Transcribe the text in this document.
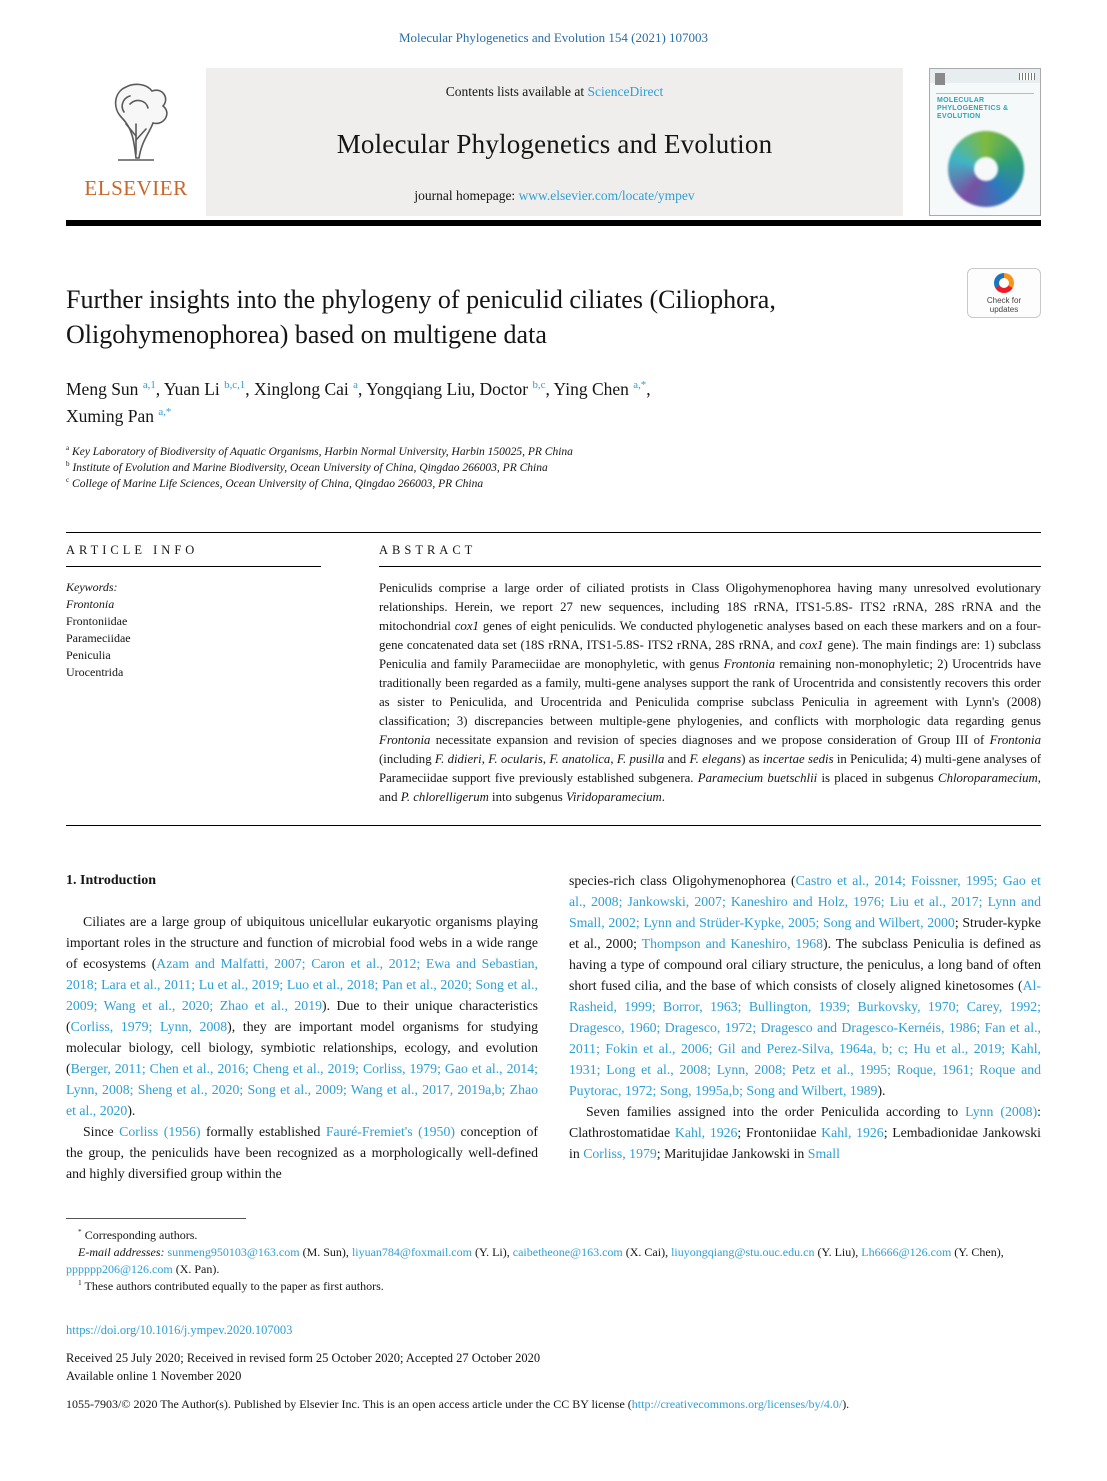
Molecular Phylogenetics and Evolution 154 (2021) 107003
ELSEVIER
Contents lists available at ScienceDirect
Molecular Phylogenetics and Evolution
journal homepage: www.elsevier.com/locate/ympev
MOLECULAR PHYLOGENETICS & EVOLUTION
Further insights into the phylogeny of peniculid ciliates (Ciliophora, Oligohymenophorea) based on multigene data
Check for updates
Meng Sun $^{a,1}$, Yuan Li $^{b,c,1}$, Xinglong Cai $^a$, Yongqiang Liu, Doctor $^{b,c}$, Ying Chen $^{a,*}$,
Xuming Pan $^{a,*}$
$^a$ Key Laboratory of Biodiversity of Aquatic Organisms, Harbin Normal University, Harbin 150025, PR China
$^b$ Institute of Evolution and Marine Biodiversity, Ocean University of China, Qingdao 266003, PR China
$^c$ College of Marine Life Sciences, Ocean University of China, Qingdao 266003, PR China
ARTICLE INFO
Keywords:
Frontonia
Frontoniidae
Parameciidae
Peniculia
Urocentrida
ABSTRACT
Peniculids comprise a large order of ciliated protists in Class Oligohymenophorea having many unresolved evolutionary relationships. Herein, we report 27 new sequences, including 18S rRNA, ITS1-5.8S- ITS2 rRNA, 28S rRNA and the mitochondrial cox1 genes of eight peniculids. We conducted phylogenetic analyses based on each these markers and on a four-gene concatenated data set (18S rRNA, ITS1-5.8S- ITS2 rRNA, 28S rRNA, and cox1 gene). The main findings are: 1) subclass Peniculia and family Parameciidae are monophyletic, with genus Frontonia remaining non-monophyletic; 2) Urocentrids have traditionally been regarded as a family, multi-gene analyses support the rank of Urocentrida and consistently recovers this order as sister to Peniculida, and Urocentrida and Peniculida comprise subclass Peniculia in agreement with Lynn's (2008) classification; 3) discrepancies between multiple-gene phylogenies, and conflicts with morphologic data regarding genus Frontonia necessitate expansion and revision of species diagnoses and we propose consideration of Group III of Frontonia (including F. didieri, F. ocularis, F. anatolica, F. pusilla and F. elegans) as incertae sedis in Peniculida; 4) multi-gene analyses of Parameciidae support five previously established subgenera. Paramecium buetschlii is placed in subgenus Chloroparamecium, and P. chlorelligerum into subgenus Viridoparamecium.
1. Introduction

Ciliates are a large group of ubiquitous unicellular eukaryotic organisms playing important roles in the structure and function of microbial food webs in a wide range of ecosystems (Azam and Malfatti, 2007; Caron et al., 2012; Ewa and Sebastian, 2018; Lara et al., 2011; Lu et al., 2019; Luo et al., 2018; Pan et al., 2020; Song et al., 2009; Wang et al., 2020; Zhao et al., 2019). Due to their unique characteristics (Corliss, 1979; Lynn, 2008), they are important model organisms for studying molecular biology, cell biology, symbiotic relationships, ecology, and evolution (Berger, 2011; Chen et al., 2016; Cheng et al., 2019; Corliss, 1979; Gao et al., 2014; Lynn, 2008; Sheng et al., 2020; Song et al., 2009; Wang et al., 2017, 2019a,b; Zhao et al., 2020).

Since Corliss (1956) formally established Fauré-Fremiet's (1950) conception of the group, the peniculids have been recognized as a morphologically well-defined and highly diversified group within the

species-rich class Oligohymenophorea (Castro et al., 2014; Foissner, 1995; Gao et al., 2008; Jankowski, 2007; Kaneshiro and Holz, 1976; Liu et al., 2017; Lynn and Small, 2002; Lynn and Strüder-Kypke, 2005; Song and Wilbert, 2000; Struder-kypke et al., 2000; Thompson and Kaneshiro, 1968). The subclass Peniculia is defined as having a type of compound oral ciliary structure, the peniculus, a long band of often short fused cilia, and the base of which consists of closely aligned kinetosomes (Al-Rasheid, 1999; Borror, 1963; Bullington, 1939; Burkovsky, 1970; Carey, 1992; Dragesco, 1960; Dragesco, 1972; Dragesco and Dragesco-Kernéis, 1986; Fan et al., 2011; Fokin et al., 2006; Gil and Perez-Silva, 1964a, b; c; Hu et al., 2019; Kahl, 1931; Long et al., 2008; Lynn, 2008; Petz et al., 1995; Roque, 1961; Roque and Puytorac, 1972; Song, 1995a,b; Song and Wilbert, 1989).

Seven families assigned into the order Peniculida according to Lynn (2008): Clathrostomatidae Kahl, 1926; Frontoniidae Kahl, 1926; Lembadionidae Jankowski in Corliss, 1979; Maritujidae Jankowski in Small

* Corresponding authors.
E-mail addresses: sunmeng950103@163.com (M. Sun), liyuan784@foxmail.com (Y. Li), caibetheone@163.com (X. Cai), liuyongqiang@stu.ouc.edu.cn (Y. Liu), Lh6666@126.com (Y. Chen), pppppp206@126.com (X. Pan).
$^1$ These authors contributed equally to the paper as first authors.
https://doi.org/10.1016/j.ympev.2020.107003
Received 25 July 2020; Received in revised form 25 October 2020; Accepted 27 October 2020
Available online 1 November 2020
1055-7903/© 2020 The Author(s). Published by Elsevier Inc. This is an open access article under the CC BY license (http://creativecommons.org/licenses/by/4.0/).
